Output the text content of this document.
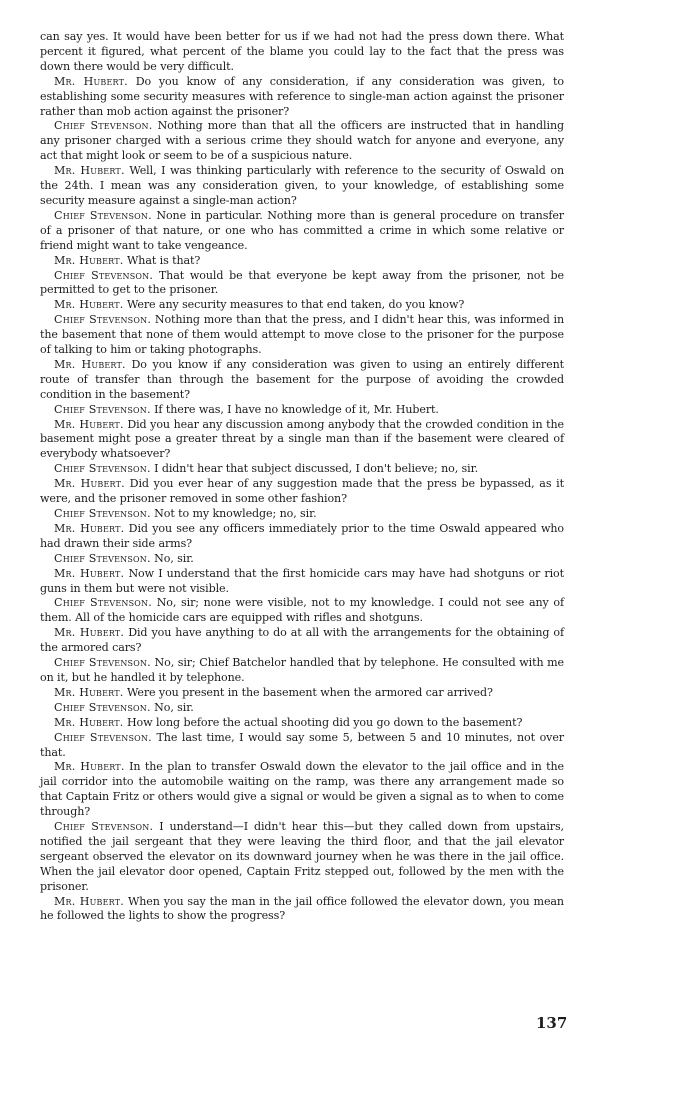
can say yes. It would have been better for us if we had not had the press down there. What percent it figured, what percent of the blame you could lay to the fact that the press was down there would be very difficult.

Mr. Hubert. Do you know of any consideration, if any consideration was given, to establishing some security measures with reference to single-man action against the prisoner rather than mob action against the prisoner?

Chief Stevenson. Nothing more than that all the officers are instructed that in handling any prisoner charged with a serious crime they should watch for anyone and everyone, any act that might look or seem to be of a suspicious nature.

Mr. Hubert. Well, I was thinking particularly with reference to the security of Oswald on the 24th. I mean was any consideration given, to your knowledge, of establishing some security measure against a single-man action?

Chief Stevenson. None in particular. Nothing more than is general procedure on transfer of a prisoner of that nature, or one who has committed a crime in which some relative or friend might want to take vengeance.

Mr. Hubert. What is that?

Chief Stevenson. That would be that everyone be kept away from the prisoner, not be permitted to get to the prisoner.

Mr. Hubert. Were any security measures to that end taken, do you know?

Chief Stevenson. Nothing more than that the press, and I didn't hear this, was informed in the basement that none of them would attempt to move close to the prisoner for the purpose of talking to him or taking photographs.

Mr. Hubert. Do you know if any consideration was given to using an entirely different route of transfer than through the basement for the purpose of avoiding the crowded condition in the basement?

Chief Stevenson. If there was, I have no knowledge of it, Mr. Hubert.

Mr. Hubert. Did you hear any discussion among anybody that the crowded condition in the basement might pose a greater threat by a single man than if the basement were cleared of everybody whatsoever?

Chief Stevenson. I didn't hear that subject discussed, I don't believe; no, sir.

Mr. Hubert. Did you ever hear of any suggestion made that the press be bypassed, as it were, and the prisoner removed in some other fashion?

Chief Stevenson. Not to my knowledge; no, sir.

Mr. Hubert. Did you see any officers immediately prior to the time Oswald appeared who had drawn their side arms?

Chief Stevenson. No, sir.

Mr. Hubert. Now I understand that the first homicide cars may have had shotguns or riot guns in them but were not visible.

Chief Stevenson. No, sir; none were visible, not to my knowledge. I could not see any of them. All of the homicide cars are equipped with rifles and shotguns.

Mr. Hubert. Did you have anything to do at all with the arrangements for the obtaining of the armored cars?

Chief Stevenson. No, sir; Chief Batchelor handled that by telephone. He consulted with me on it, but he handled it by telephone.

Mr. Hubert. Were you present in the basement when the armored car arrived?

Chief Stevenson. No, sir.

Mr. Hubert. How long before the actual shooting did you go down to the basement?

Chief Stevenson. The last time, I would say some 5, between 5 and 10 minutes, not over that.

Mr. Hubert. In the plan to transfer Oswald down the elevator to the jail office and in the jail corridor into the automobile waiting on the ramp, was there any arrangement made so that Captain Fritz or others would give a signal or would be given a signal as to when to come through?

Chief Stevenson. I understand—I didn't hear this—but they called down from upstairs, notified the jail sergeant that they were leaving the third floor, and that the jail elevator sergeant observed the elevator on its downward journey when he was there in the jail office. When the jail elevator door opened, Captain Fritz stepped out, followed by the men with the prisoner.

Mr. Hubert. When you say the man in the jail office followed the elevator down, you mean he followed the lights to show the progress?

137
